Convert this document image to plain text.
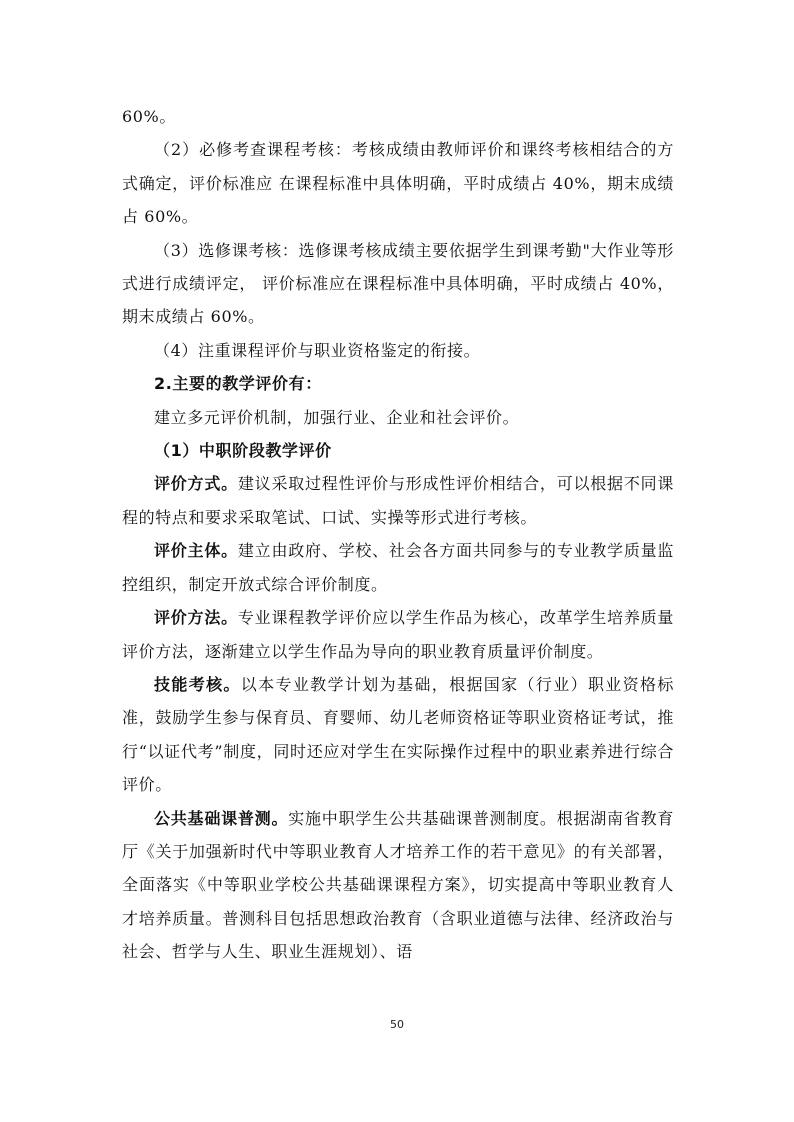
60%。

（2）必修考查课程考核：考核成绩由教师评价和课终考核相结合的方式确定，评价标准应 在课程标准中具体明确，平时成绩占 40%，期末成绩占 60%。

（3）选修课考核：选修课考核成绩主要依据学生到课考勤"大作业等形式进行成绩评定， 评价标准应在课程标准中具体明确，平时成绩占 40%，期末成绩占 60%。

（4）注重课程评价与职业资格鉴定的衔接。

2.主要的教学评价有：

建立多元评价机制，加强行业、企业和社会评价。

（1）中职阶段教学评价

评价方式。建议采取过程性评价与形成性评价相结合，可以根据不同课程的特点和要求采取笔试、口试、实操等形式进行考核。

评价主体。建立由政府、学校、社会各方面共同参与的专业教学质量监控组织，制定开放式综合评价制度。

评价方法。专业课程教学评价应以学生作品为核心，改革学生培养质量评价方法，逐渐建立以学生作品为导向的职业教育质量评价制度。

技能考核。以本专业教学计划为基础，根据国家（行业）职业资格标准，鼓励学生参与保育员、育婴师、幼儿老师资格证等职业资格证考试，推行“以证代考”制度，同时还应对学生在实际操作过程中的职业素养进行综合评价。

公共基础课普测。实施中职学生公共基础课普测制度。根据湖南省教育厅《关于加强新时代中等职业教育人才培养工作的若干意见》的有关部署，全面落实《中等职业学校公共基础课课程方案》，切实提高中等职业教育人才培养质量。普测科目包括思想政治教育（含职业道德与法律、经济政治与社会、哲学与人生、职业生涯规划）、语

50
